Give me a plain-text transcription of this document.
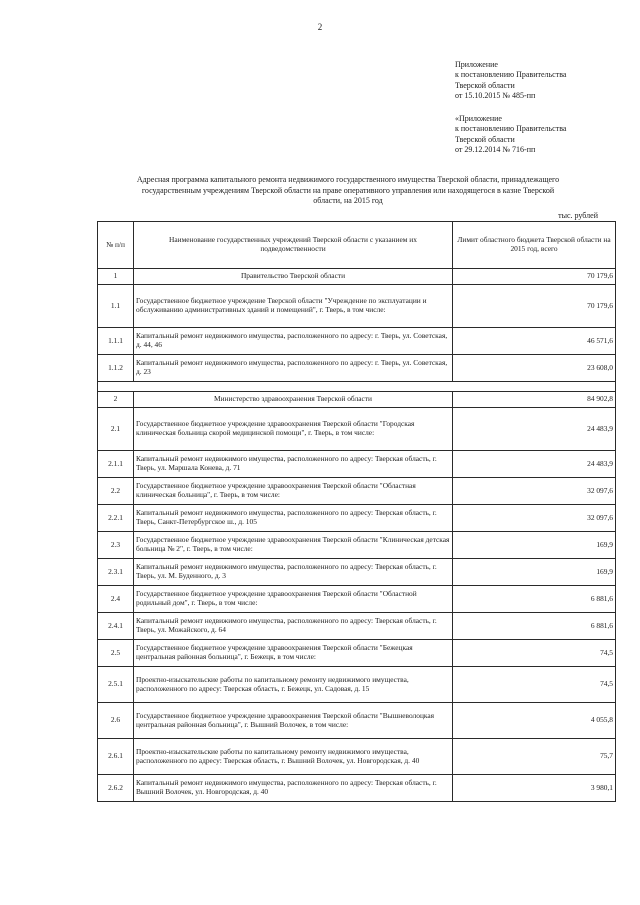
2
Приложение
к постановлению Правительства
Тверской области
от 15.10.2015 № 485-пп
«Приложение
к постановлению Правительства
Тверской области
от 29.12.2014 № 716-пп
Адресная программа капитального ремонта недвижимого государственного имущества Тверской области, принадлежащего
государственным учреждениям Тверской области на праве оперативного управления или находящегося в казне Тверской
области, на 2015 год
тыс. рублей
№ п/п	Наименование государственных учреждений Тверской области с указанием их подведомственности	Лимит областного бюджета Тверской области на 2015 год, всего
1	Правительство Тверской области	70 179,6
1.1	Государственное бюджетное учреждение Тверской области "Учреждение по эксплуатации и обслуживанию административных зданий и помещений", г. Тверь, в том числе:	70 179,6
1.1.1	Капитальный ремонт недвижимого имущества, расположенного по адресу: г. Тверь, ул. Советская, д. 44, 46	46 571,6
1.1.2	Капитальный ремонт недвижимого имущества, расположенного по адресу: г. Тверь, ул. Советская, д. 23	23 608,0

2	Министерство здравоохранения Тверской области	84 902,8
2.1	Государственное бюджетное учреждение здравоохранения Тверской области "Городская клиническая больница скорой медицинской помощи", г. Тверь, в том числе:	24 483,9
2.1.1	Капитальный ремонт недвижимого имущества, расположенного по адресу: Тверская область, г. Тверь, ул. Маршала Конева, д. 71	24 483,9
2.2	Государственное бюджетное учреждение здравоохранения Тверской области "Областная клиническая больница", г. Тверь, в том числе:	32 097,6
2.2.1	Капитальный ремонт недвижимого имущества, расположенного по адресу: Тверская область, г. Тверь, Санкт-Петербургское ш., д. 105	32 097,6
2.3	Государственное бюджетное учреждение здравоохранения Тверской области "Клиническая детская больница № 2", г. Тверь, в том числе:	169,9
2.3.1	Капитальный ремонт недвижимого имущества, расположенного по адресу: Тверская область, г. Тверь, ул. М. Буденного, д. 3	169,9
2.4	Государственное бюджетное учреждение здравоохранения Тверской области "Областной родильный дом", г. Тверь, в том числе:	6 881,6
2.4.1	Капитальный ремонт недвижимого имущества, расположенного по адресу: Тверская область, г. Тверь, ул. Можайского, д. 64	6 881,6
2.5	Государственное бюджетное учреждение здравоохранения Тверской области "Бежецкая центральная районная больница", г. Бежецк, в том числе:	74,5
2.5.1	Проектно-изыскательские работы по капитальному ремонту недвижимого имущества, расположенного по адресу: Тверская область, г. Бежецк, ул. Садовая, д. 15	74,5
2.6	Государственное бюджетное учреждение здравоохранения Тверской области "Вышневолоцкая центральная районная больница", г. Вышний Волочек, в том числе:	4 055,8
2.6.1	Проектно-изыскательские работы по капитальному ремонту недвижимого имущества, расположенного по адресу: Тверская область, г. Вышний Волочек, ул. Новгородская, д. 40	75,7
2.6.2	Капитальный ремонт недвижимого имущества, расположенного по адресу: Тверская область, г. Вышний Волочек, ул. Новгородская, д. 40	3 980,1
